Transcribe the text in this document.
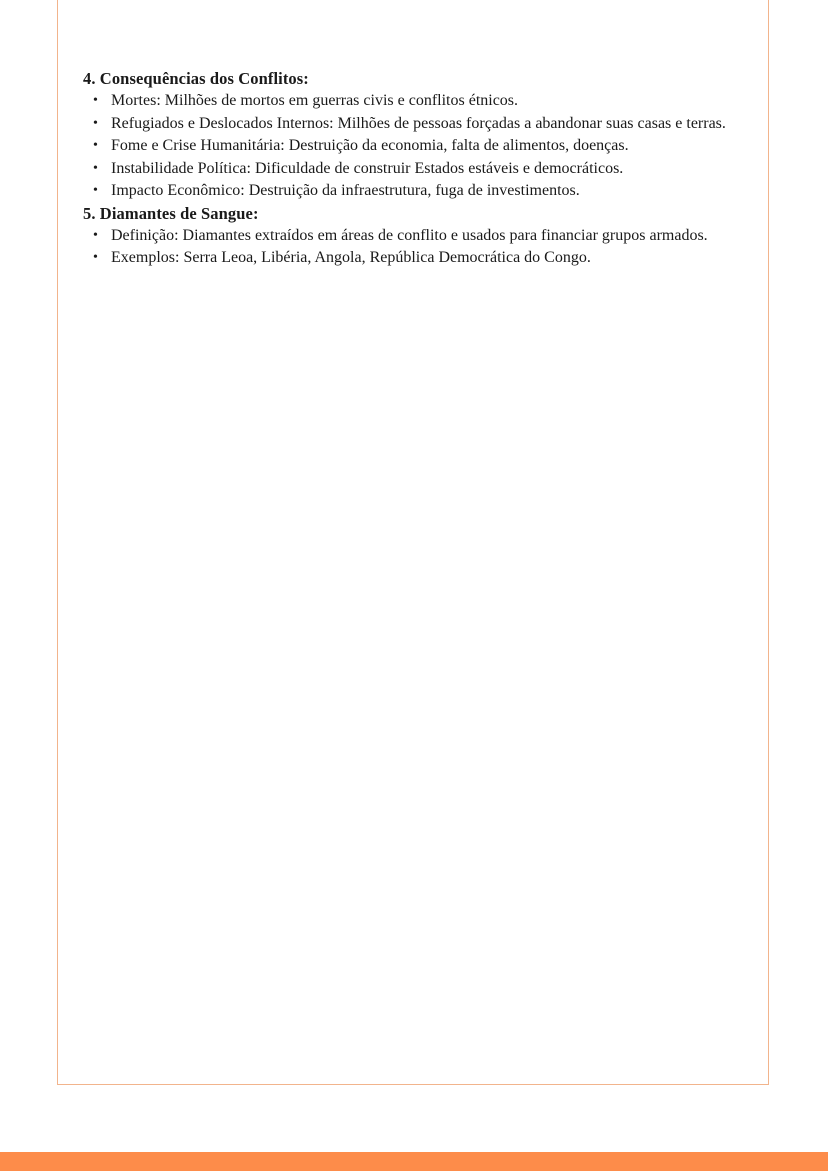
4. Consequências dos Conflitos:
• Mortes: Milhões de mortos em guerras civis e conflitos étnicos.
• Refugiados e Deslocados Internos: Milhões de pessoas forçadas a abandonar suas casas e terras.
• Fome e Crise Humanitária: Destruição da economia, falta de alimentos, doenças.
• Instabilidade Política: Dificuldade de construir Estados estáveis e democráticos.
• Impacto Econômico: Destruição da infraestrutura, fuga de investimentos.
5. Diamantes de Sangue:
• Definição: Diamantes extraídos em áreas de conflito e usados para financiar grupos armados.
• Exemplos: Serra Leoa, Libéria, Angola, República Democrática do Congo.
